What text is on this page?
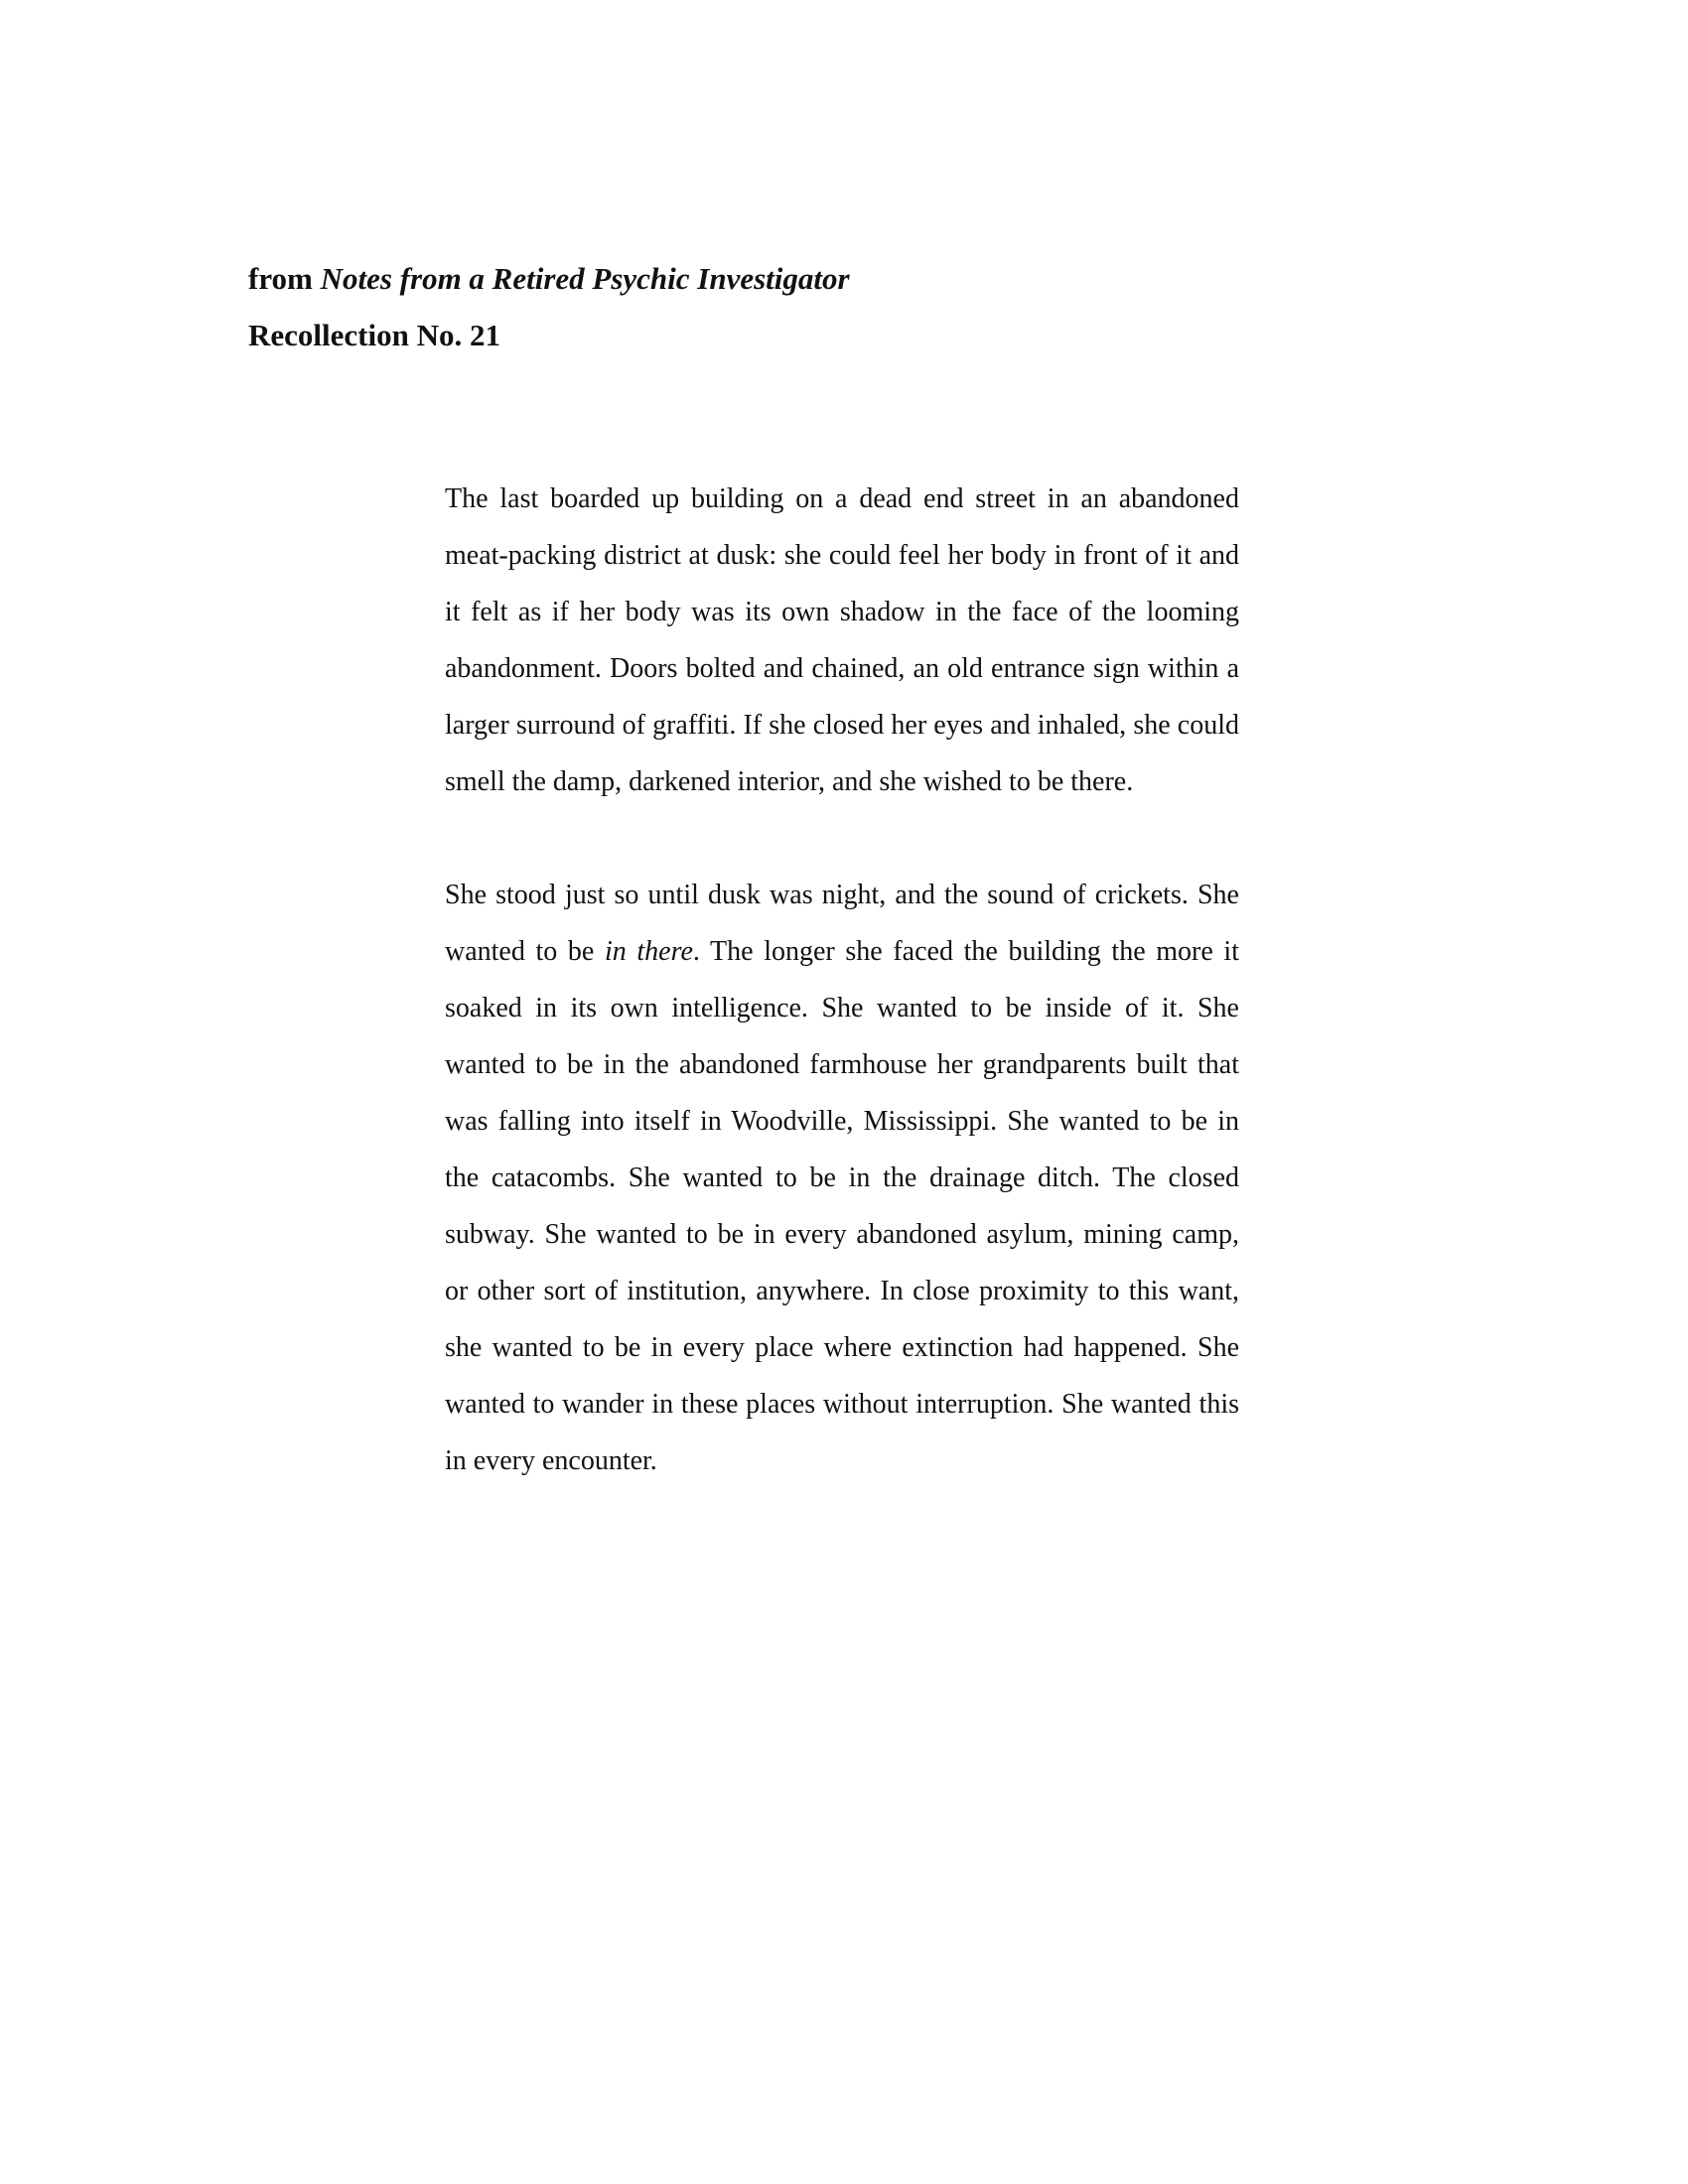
from Notes from a Retired Psychic Investigator
Recollection No. 21

The last boarded up building on a dead end street in an abandoned meat-packing district at dusk: she could feel her body in front of it and it felt as if her body was its own shadow in the face of the looming abandonment. Doors bolted and chained, an old entrance sign within a larger surround of graffiti. If she closed her eyes and inhaled, she could smell the damp, darkened interior, and she wished to be there.

She stood just so until dusk was night, and the sound of crickets. She wanted to be in there. The longer she faced the building the more it soaked in its own intelligence. She wanted to be inside of it. She wanted to be in the abandoned farmhouse her grandparents built that was falling into itself in Woodville, Mississippi. She wanted to be in the catacombs. She wanted to be in the drainage ditch. The closed subway. She wanted to be in every abandoned asylum, mining camp, or other sort of institution, anywhere. In close proximity to this want, she wanted to be in every place where extinction had happened. She wanted to wander in these places without interruption. She wanted this in every encounter.
